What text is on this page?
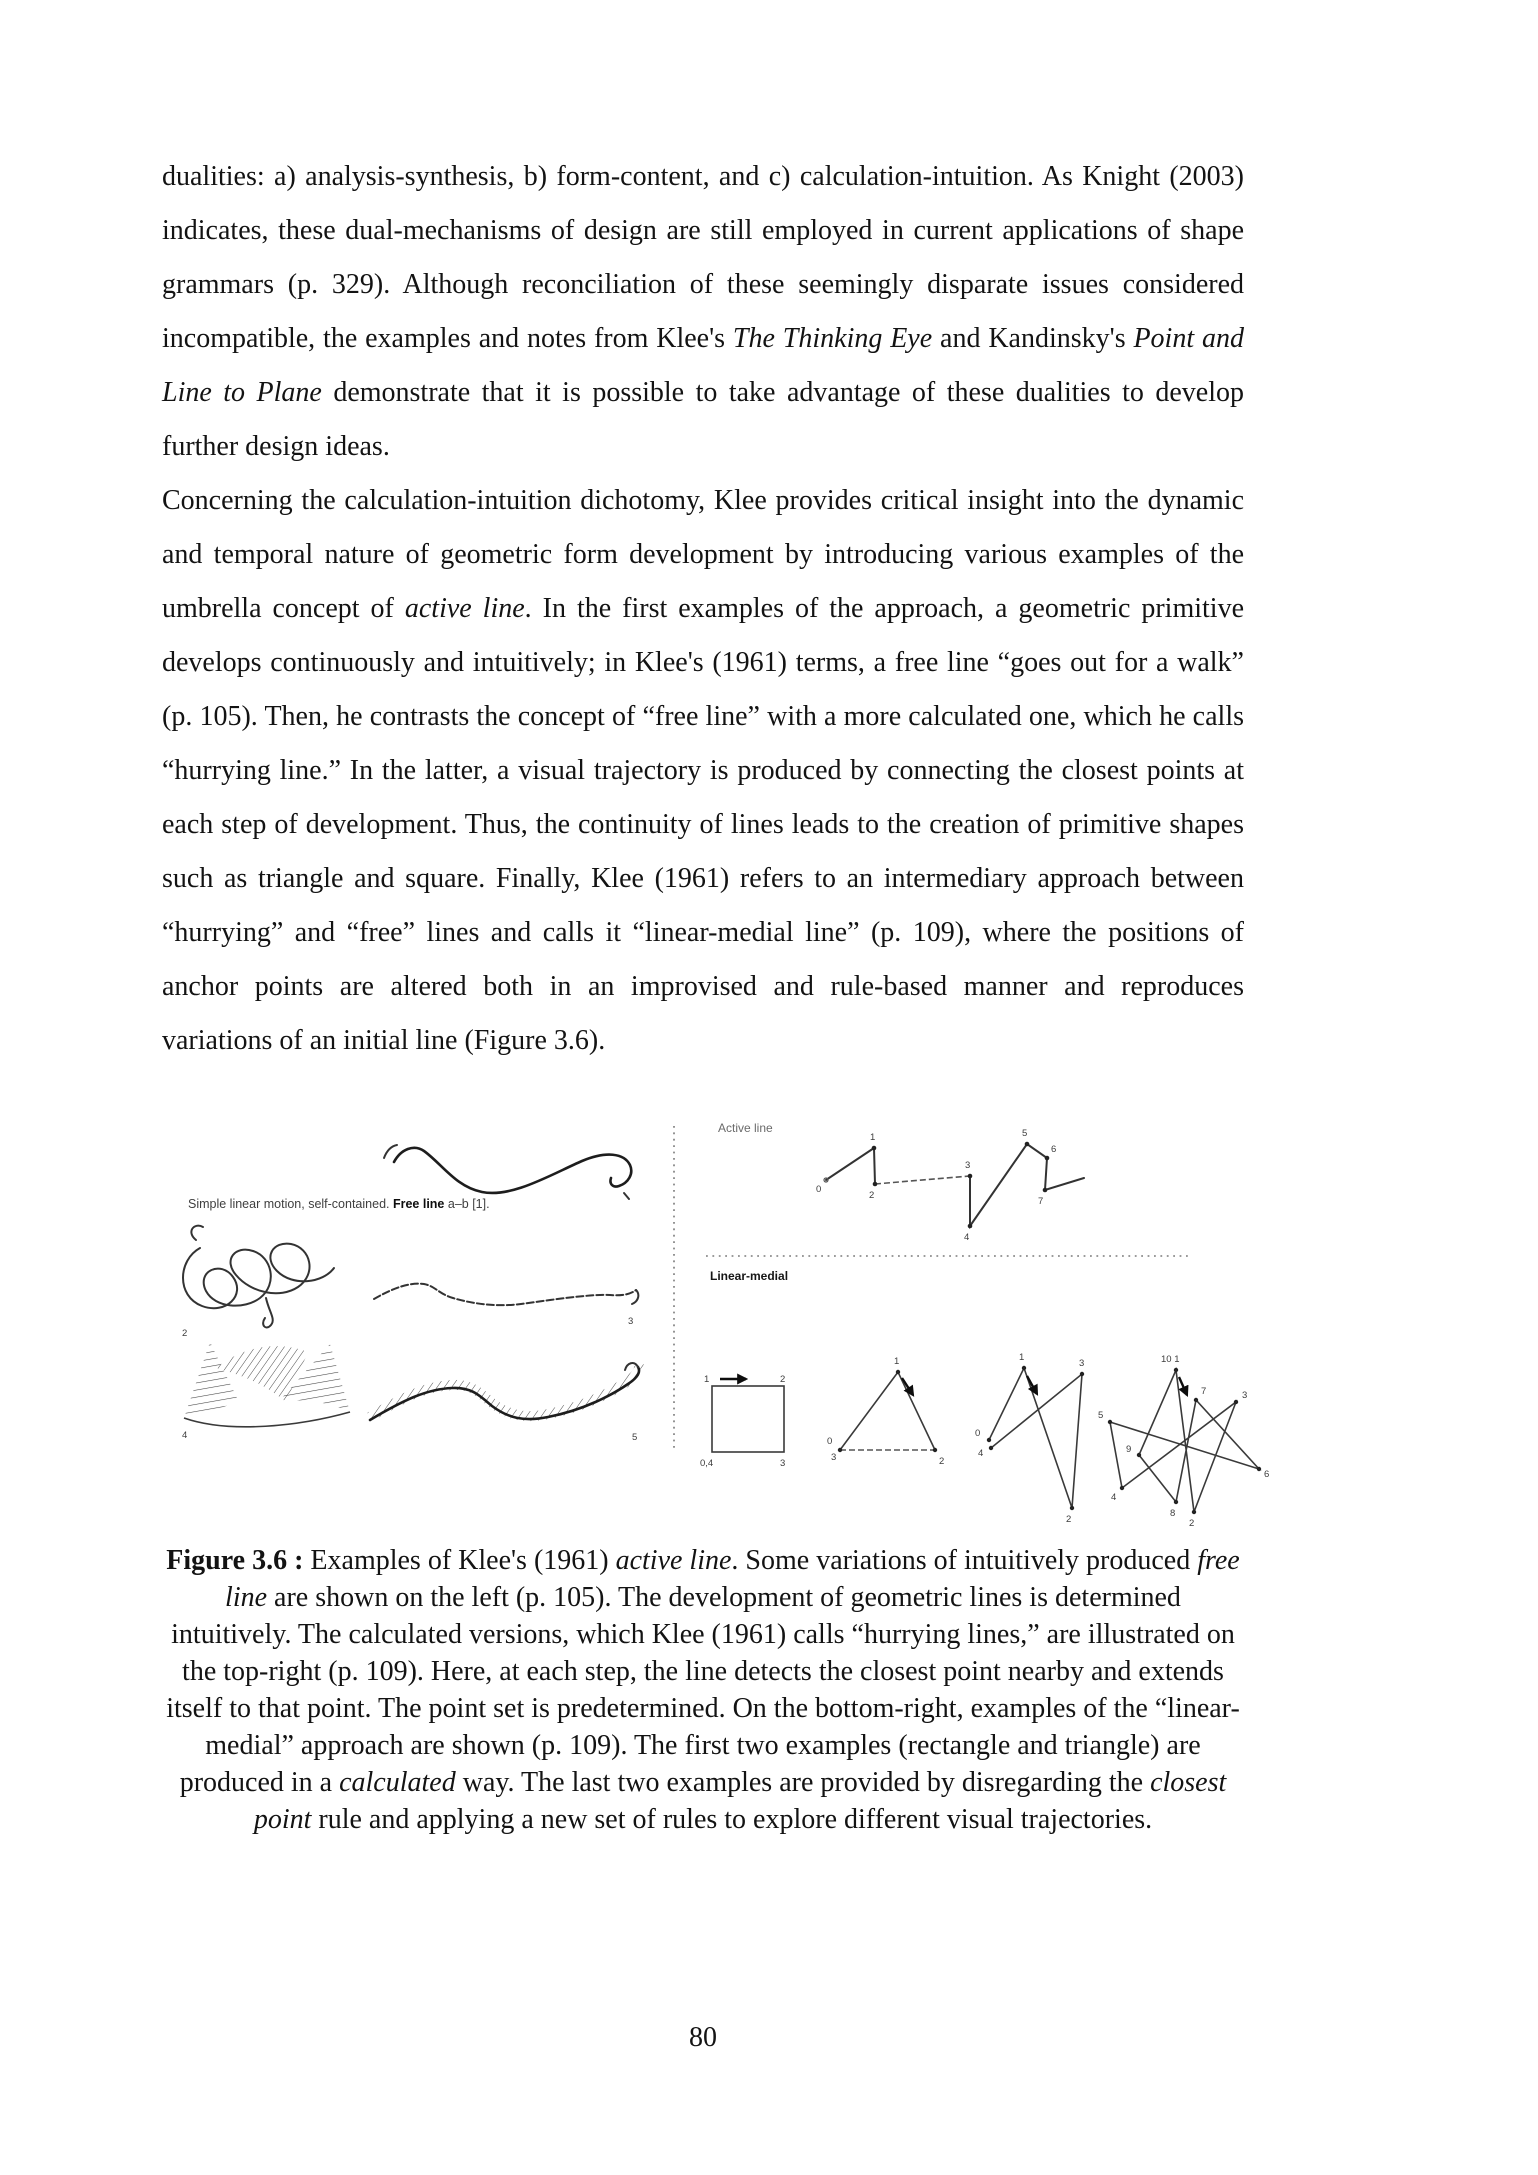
dualities: a) analysis-synthesis, b) form-content, and c) calculation-intuition. As Knight (2003) indicates, these dual-mechanisms of design are still employed in current applications of shape grammars (p. 329). Although reconciliation of these seemingly disparate issues considered incompatible, the examples and notes from Klee's The Thinking Eye and Kandinsky's Point and Line to Plane demonstrate that it is possible to take advantage of these dualities to develop further design ideas.

Concerning the calculation-intuition dichotomy, Klee provides critical insight into the dynamic and temporal nature of geometric form development by introducing various examples of the umbrella concept of active line. In the first examples of the approach, a geometric primitive develops continuously and intuitively; in Klee's (1961) terms, a free line “goes out for a walk” (p. 105). Then, he contrasts the concept of “free line” with a more calculated one, which he calls “hurrying line.” In the latter, a visual trajectory is produced by connecting the closest points at each step of development. Thus, the continuity of lines leads to the creation of primitive shapes such as triangle and square. Finally, Klee (1961) refers to an intermediary approach between “hurrying” and “free” lines and calls it “linear-medial line” (p. 109), where the positions of anchor points are altered both in an improvised and rule-based manner and reproduces variations of an initial line (Figure 3.6).

Simple linear motion, self-contained. Free line a–b [1].
2
3
4	5
Active line
0
1
2
3
4
5
6
7
Linear-medial
1	2
0,4	3
1
0
3	2
1
3
0
4
2
10 1
7	3
5
9
6
4
8
2
Figure 3.6 : Examples of Klee's (1961) active line. Some variations of intuitively produced free line are shown on the left (p. 105). The development of geometric lines is determined intuitively. The calculated versions, which Klee (1961) calls “hurrying lines,” are illustrated on the top-right (p. 109). Here, at each step, the line detects the closest point nearby and extends itself to that point. The point set is predetermined. On the bottom-right, examples of the “linear-medial” approach are shown (p. 109). The first two examples (rectangle and triangle) are produced in a calculated way. The last two examples are provided by disregarding the closest point rule and applying a new set of rules to explore different visual trajectories.
80
